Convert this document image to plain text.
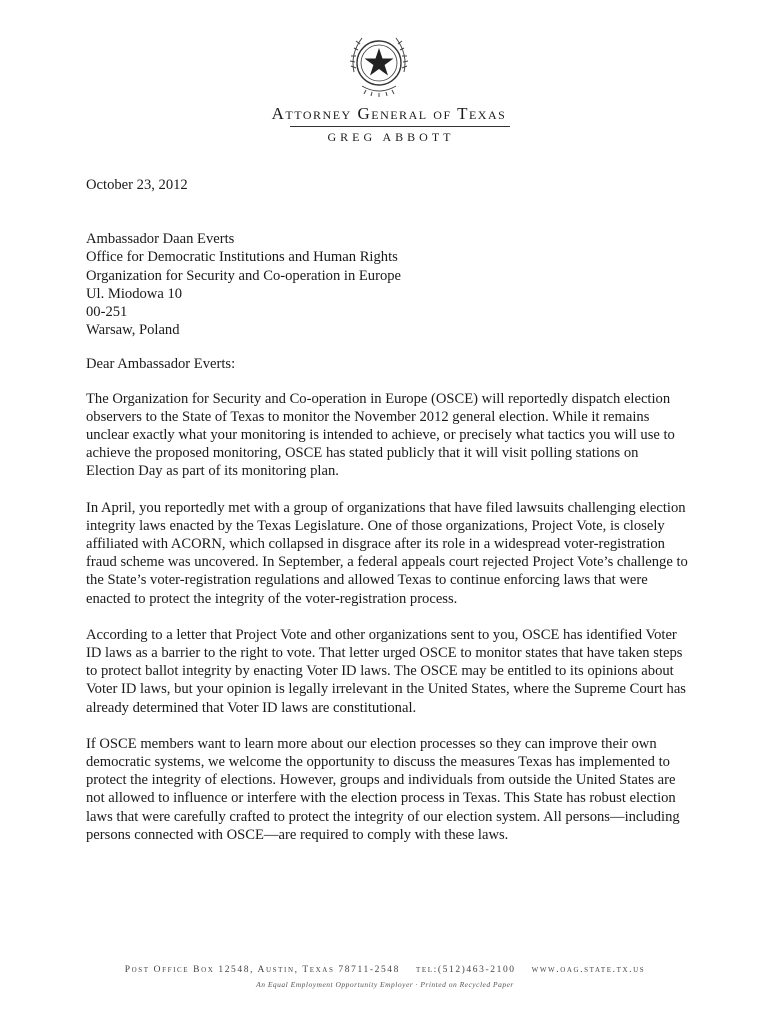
Attorney General of Texas
GREG ABBOTT

October 23, 2012

Ambassador Daan Everts
Office for Democratic Institutions and Human Rights
Organization for Security and Co-operation in Europe
Ul. Miodowa 10
00-251
Warsaw, Poland

Dear Ambassador Everts:

The Organization for Security and Co-operation in Europe (OSCE) will reportedly dispatch election observers to the State of Texas to monitor the November 2012 general election. While it remains unclear exactly what your monitoring is intended to achieve, or precisely what tactics you will use to achieve the proposed monitoring, OSCE has stated publicly that it will visit polling stations on Election Day as part of its monitoring plan.

In April, you reportedly met with a group of organizations that have filed lawsuits challenging election integrity laws enacted by the Texas Legislature. One of those organizations, Project Vote, is closely affiliated with ACORN, which collapsed in disgrace after its role in a widespread voter-registration fraud scheme was uncovered. In September, a federal appeals court rejected Project Vote’s challenge to the State’s voter-registration regulations and allowed Texas to continue enforcing laws that were enacted to protect the integrity of the voter-registration process.

According to a letter that Project Vote and other organizations sent to you, OSCE has identified Voter ID laws as a barrier to the right to vote. That letter urged OSCE to monitor states that have taken steps to protect ballot integrity by enacting Voter ID laws. The OSCE may be entitled to its opinions about Voter ID laws, but your opinion is legally irrelevant in the United States, where the Supreme Court has already determined that Voter ID laws are constitutional.

If OSCE members want to learn more about our election processes so they can improve their own democratic systems, we welcome the opportunity to discuss the measures Texas has implemented to protect the integrity of elections. However, groups and individuals from outside the United States are not allowed to influence or interfere with the election process in Texas. This State has robust election laws that were carefully crafted to protect the integrity of our election system. All persons—including persons connected with OSCE—are required to comply with these laws.

Post Office Box 12548, Austin, Texas 78711-2548 tel:(512)463-2100 www.oag.state.tx.us
An Equal Employment Opportunity Employer · Printed on Recycled Paper
